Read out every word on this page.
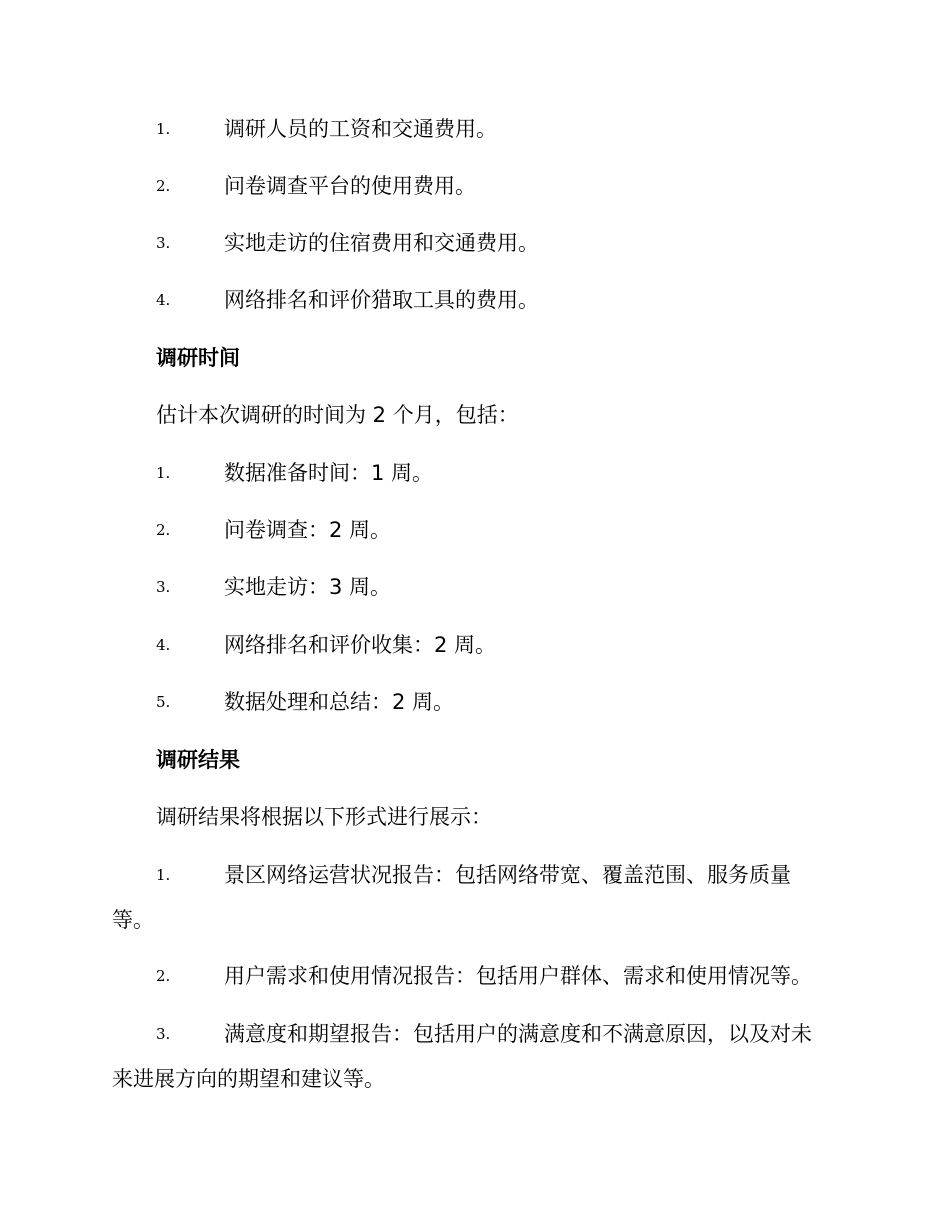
1.	调研人员的工资和交通费用。
2.	问卷调查平台的使用费用。
3.	实地走访的住宿费用和交通费用。
4.	网络排名和评价猎取工具的费用。
调研时间
估计本次调研的时间为 2 个月，包括：
1.	数据准备时间：1 周。
2.	问卷调查：2 周。
3.	实地走访：3 周。
4.	网络排名和评价收集：2 周。
5.	数据处理和总结：2 周。
调研结果
调研结果将根据以下形式进行展示：
1.	景区网络运营状况报告：包括网络带宽、覆盖范围、服务质量
等。
2.	用户需求和使用情况报告：包括用户群体、需求和使用情况等。
3.	满意度和期望报告：包括用户的满意度和不满意原因，以及对未
来进展方向的期望和建议等。
